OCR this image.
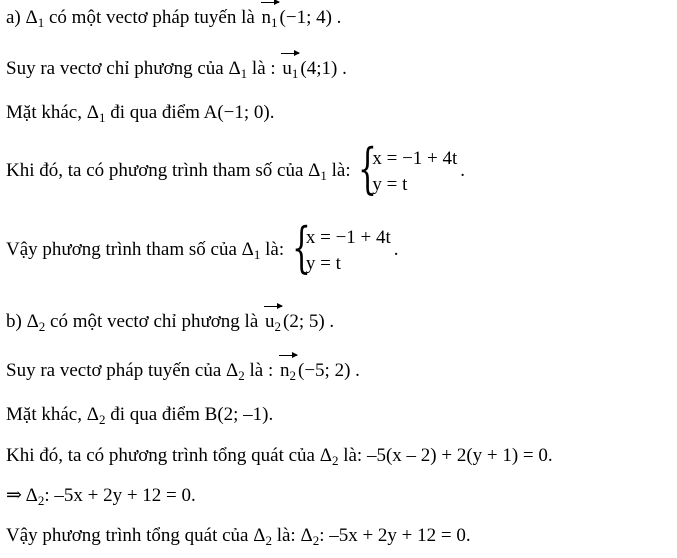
a) $\Delta_1$ có một vectơ pháp tuyến là
$n_1$ (−1; 4) .
Suy ra vectơ chỉ phương của $\Delta_1$ là :
$u_1$ (4;1) .
Mặt khác, $\Delta_1$ đi qua điểm A(−1; 0).
Khi đó, ta có phương trình tham số của $\Delta_1$ là: {
x = −1 + 4t
y = t
.
Vậy phương trình tham số của $\Delta_1$ là: {
x = −1 + 4t
y = t
.
b) $\Delta_2$ có một vectơ chỉ phương là
$u_2$ (2; 5) .
Suy ra vectơ pháp tuyến của $\Delta_2$ là :
$n_2$ (−5; 2) .
Mặt khác, $\Delta_2$ đi qua điểm B(2; –1).
Khi đó, ta có phương trình tổng quát của $\Delta_2$ là: –5(x – 2) + 2(y + 1) = 0.
⇒ $\Delta_2$: –5x + 2y + 12 = 0.
Vậy phương trình tổng quát của $\Delta_2$ là: $\Delta_2$: –5x + 2y + 12 = 0.
